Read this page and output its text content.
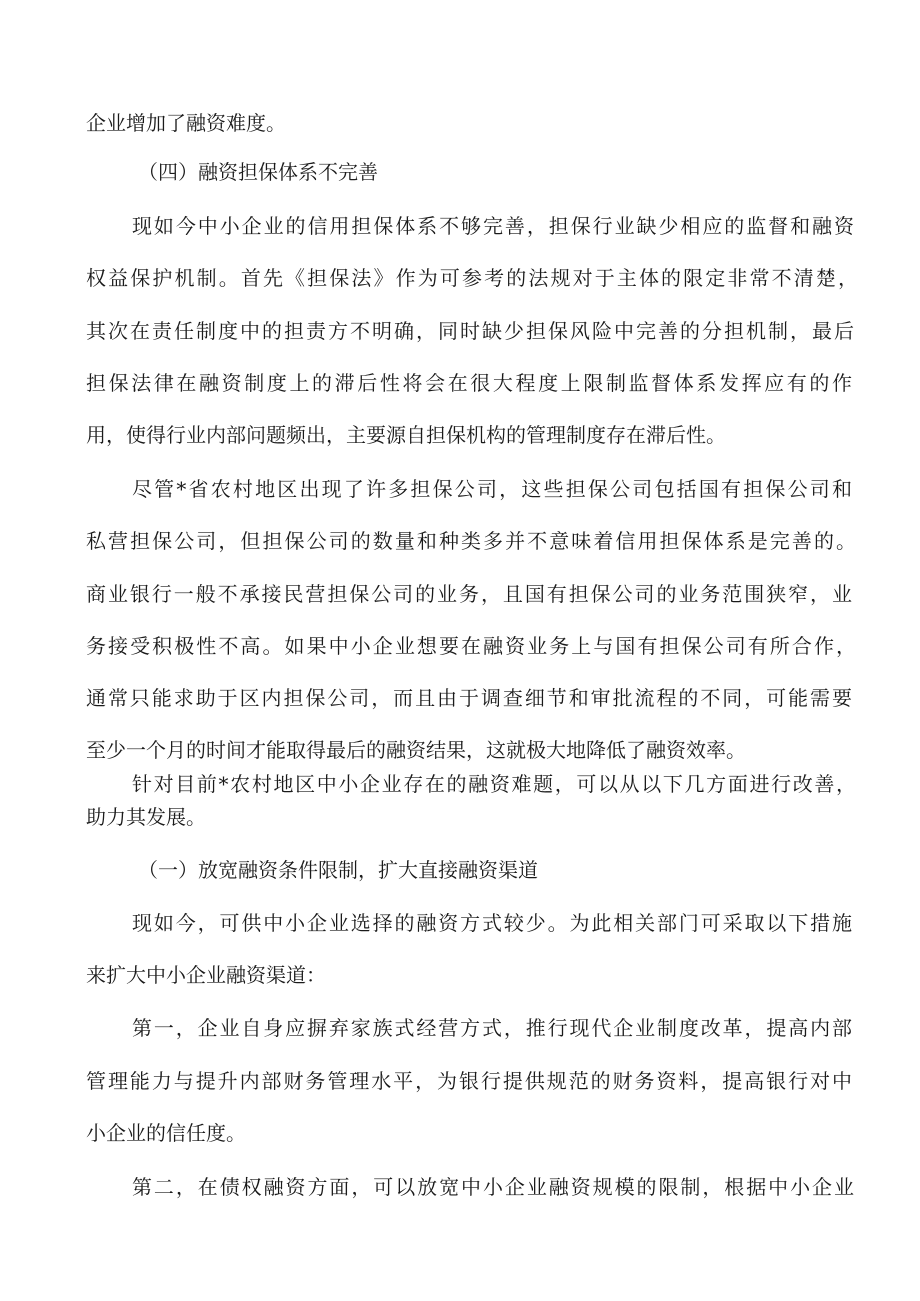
企业增加了融资难度。

（四）融资担保体系不完善

现如今中小企业的信用担保体系不够完善，担保行业缺少相应的监督和融资

权益保护机制。首先《担保法》作为可参考的法规对于主体的限定非常不清楚，

其次在责任制度中的担责方不明确，同时缺少担保风险中完善的分担机制，最后

担保法律在融资制度上的滞后性将会在很大程度上限制监督体系发挥应有的作

用，使得行业内部问题频出，主要源自担保机构的管理制度存在滞后性。

尽管*省农村地区出现了许多担保公司，这些担保公司包括国有担保公司和

私营担保公司，但担保公司的数量和种类多并不意味着信用担保体系是完善的。

商业银行一般不承接民营担保公司的业务，且国有担保公司的业务范围狭窄，业

务接受积极性不高。如果中小企业想要在融资业务上与国有担保公司有所合作，

通常只能求助于区内担保公司，而且由于调查细节和审批流程的不同，可能需要

至少一个月的时间才能取得最后的融资结果，这就极大地降低了融资效率。

针对目前*农村地区中小企业存在的融资难题，可以从以下几方面进行改善，

助力其发展。

（一）放宽融资条件限制，扩大直接融资渠道

现如今，可供中小企业选择的融资方式较少。为此相关部门可采取以下措施

来扩大中小企业融资渠道：

第一，企业自身应摒弃家族式经营方式，推行现代企业制度改革，提高内部

管理能力与提升内部财务管理水平，为银行提供规范的财务资料，提高银行对中

小企业的信任度。

第二，在债权融资方面，可以放宽中小企业融资规模的限制，根据中小企业
